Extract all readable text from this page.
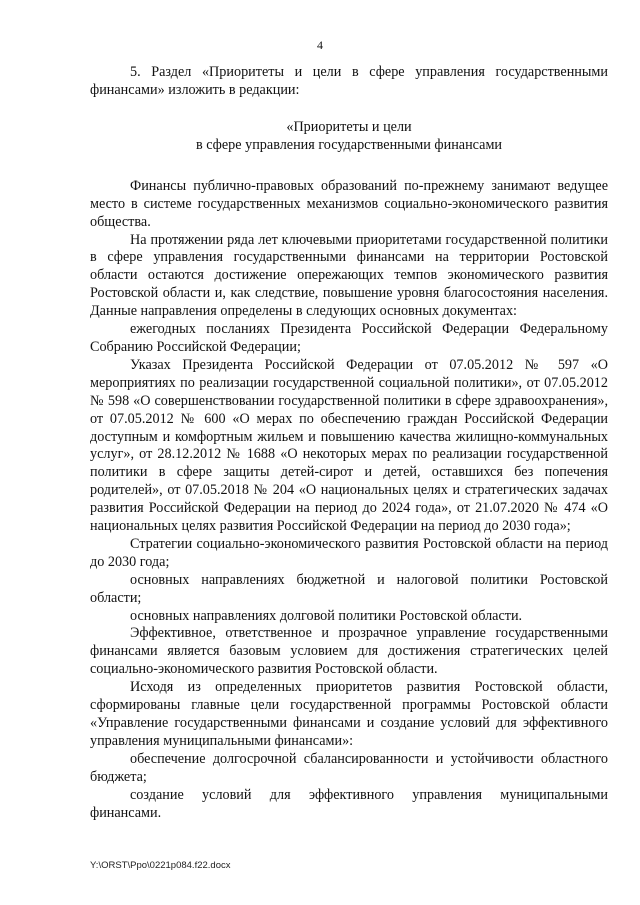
4

5. Раздел «Приоритеты и цели в сфере управления государственными финансами» изложить в редакции:

«Приоритеты и цели
в сфере управления государственными финансами

Финансы публично-правовых образований по-прежнему занимают ведущее место в системе государственных механизмов социально-экономического развития общества.

На протяжении ряда лет ключевыми приоритетами государственной политики в сфере управления государственными финансами на территории Ростовской области остаются достижение опережающих темпов экономического развития Ростовской области и, как следствие, повышение уровня благосостояния населения. Данные направления определены в следующих основных документах:

ежегодных посланиях Президента Российской Федерации Федеральному Собранию Российской Федерации;

Указах Президента Российской Федерации от 07.05.2012 № 597 «О мероприятиях по реализации государственной социальной политики», от 07.05.2012 № 598 «О совершенствовании государственной политики в сфере здравоохранения», от 07.05.2012 № 600 «О мерах по обеспечению граждан Российской Федерации доступным и комфортным жильем и повышению качества жилищно-коммунальных услуг», от 28.12.2012 № 1688 «О некоторых мерах по реализации государственной политики в сфере защиты детей-сирот и детей, оставшихся без попечения родителей», от 07.05.2018 № 204 «О национальных целях и стратегических задачах развития Российской Федерации на период до 2024 года», от 21.07.2020 № 474 «О национальных целях развития Российской Федерации на период до 2030 года»;

Стратегии социально-экономического развития Ростовской области на период до 2030 года;

основных направлениях бюджетной и налоговой политики Ростовской области;

основных направлениях долговой политики Ростовской области.

Эффективное, ответственное и прозрачное управление государственными финансами является базовым условием для достижения стратегических целей социально-экономического развития Ростовской области.

Исходя из определенных приоритетов развития Ростовской области, сформированы главные цели государственной программы Ростовской области «Управление государственными финансами и создание условий для эффективного управления муниципальными финансами»:

обеспечение долгосрочной сбалансированности и устойчивости областного бюджета;

создание условий для эффективного управления муниципальными финансами.

Y:\ORST\Ppo\0221p084.f22.docx
